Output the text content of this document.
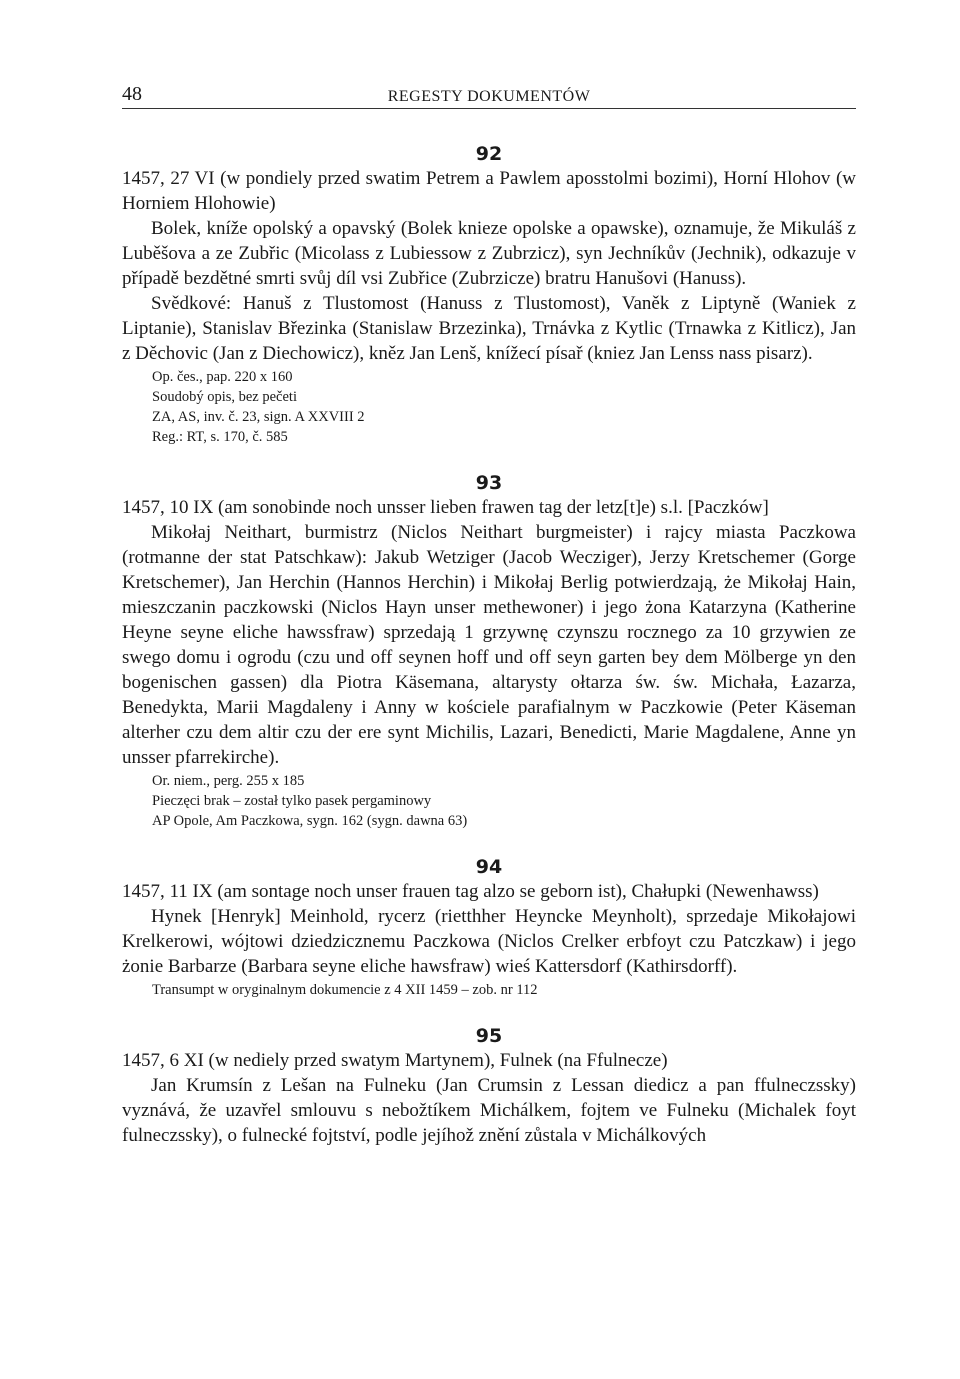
48	REGESTY DOKUMENTÓW
92

1457, 27 VI (w pondiely przed swatim Petrem a Pawlem aposstolmi bozimi), Horní Hlohov (w Horniem Hlohowie)

Bolek, kníže opolský a opavský (Bolek knieze opolske a opawske), oznamuje, že Mikuláš z Luběšova a ze Zubřic (Micolass z Lubiessow z Zubrzicz), syn Jechníkův (Jechnik), odkazuje v případě bezdětné smrti svůj díl vsi Zubřice (Zubrzicze) bratru Hanušovi (Hanuss).

Svědkové: Hanuš z Tlustomost (Hanuss z Tlustomost), Vaněk z Liptyně (Waniek z Liptanie), Stanislav Březinka (Stanislaw Brzezinka), Trnávka z Kytlic (Trnawka z Kitlicz), Jan z Děchovic (Jan z Diechowicz), kněz Jan Lenš, knížecí písař (kniez Jan Lenss nass pisarz).

Op. čes., pap. 220 x 160
Soudobý opis, bez pečeti
ZA, AS, inv. č. 23, sign. A XXVIII 2
Reg.: RT, s. 170, č. 585
93

1457, 10 IX (am sonobinde noch unsser lieben frawen tag der letz[t]e) s.l. [Paczków]

Mikołaj Neithart, burmistrz (Niclos Neithart burgmeister) i rajcy miasta Paczkowa (rotmanne der stat Patschkaw): Jakub Wetziger (Jacob Wecziger), Jerzy Kretschemer (Gorge Kretschemer), Jan Herchin (Hannos Herchin) i Mikołaj Berlig potwierdzają, że Mikołaj Hain, mieszczanin paczkowski (Niclos Hayn unser methewoner) i jego żona Katarzyna (Katherine Heyne seyne eliche hawssfraw) sprzedają 1 grzywnę czynszu rocznego za 10 grzywien ze swego domu i ogrodu (czu und off seynen hoff und off seyn garten bey dem Mölberge yn den bogenischen gassen) dla Piotra Käsemana, altarysty ołtarza św. św. Michała, Łazarza, Benedykta, Marii Magdaleny i Anny w kościele parafialnym w Paczkowie (Peter Käseman alterher czu dem altir czu der ere synt Michilis, Lazari, Benedicti, Marie Magdalene, Anne yn unsser pfarrekirche).

Or. niem., perg. 255 x 185
Pieczęci brak – został tylko pasek pergaminowy
AP Opole, Am Paczkowa, sygn. 162 (sygn. dawna 63)
94

1457, 11 IX (am sontage noch unser frauen tag alzo se geborn ist), Chałupki (Newenhawss)

Hynek [Henryk] Meinhold, rycerz (rietthher Heyncke Meynholt), sprzedaje Mikołajowi Krelkerowi, wójtowi dziedzicznemu Paczkowa (Niclos Crelker erbfoyt czu Patczkaw) i jego żonie Barbarze (Barbara seyne eliche hawsfraw) wieś Kattersdorf (Kathirsdorff).

Transumpt w oryginalnym dokumencie z 4 XII 1459 – zob. nr 112
95

1457, 6 XI (w nediely przed swatym Martynem), Fulnek (na Ffulnecze)

Jan Krumsín z Lešan na Fulneku (Jan Crumsin z Lessan diedicz a pan ffulneczssky) vyznává, že uzavřel smlouvu s nebožtíkem Michálkem, fojtem ve Fulneku (Michalek foyt fulneczssky), o fulnecké fojtství, podle jejíhož znění zůstala v Michálkových
